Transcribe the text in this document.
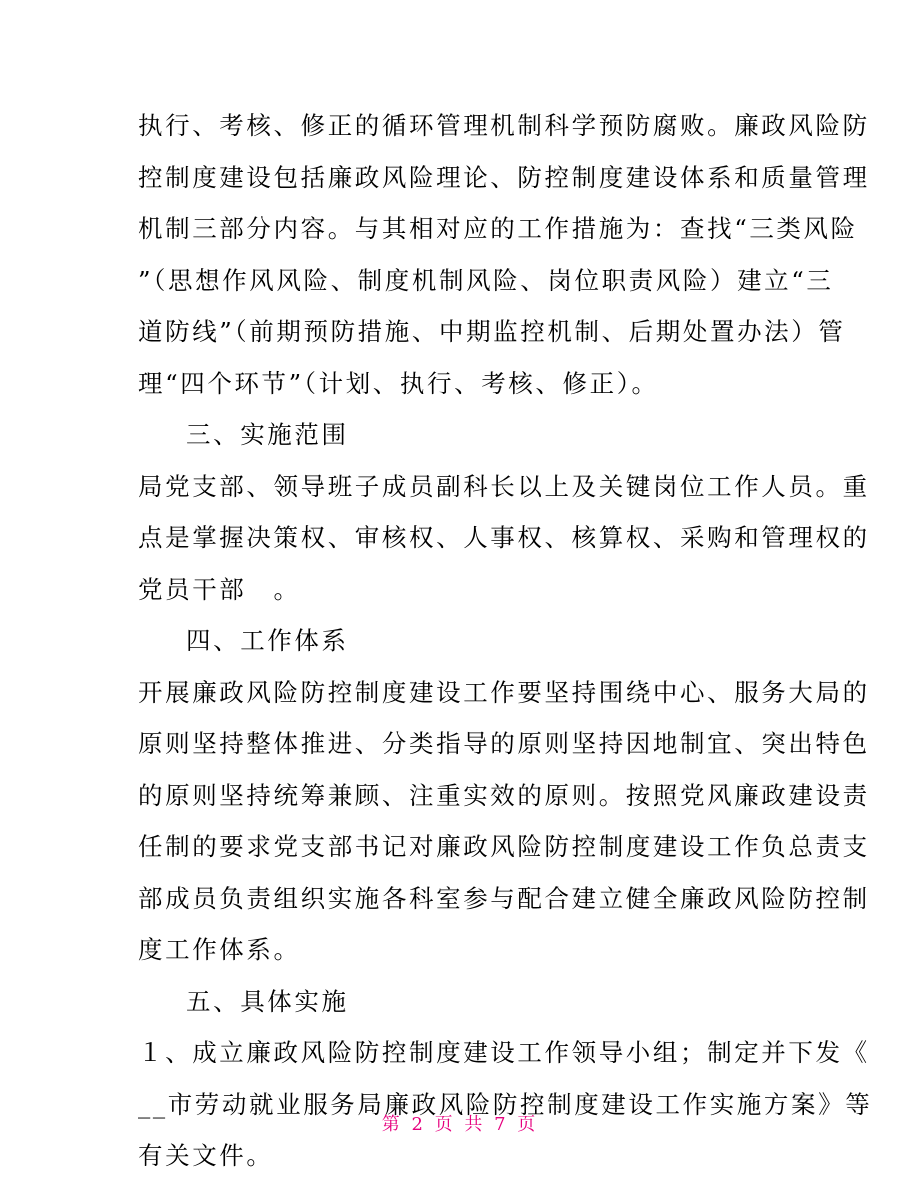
执行、考核、修正的循环管理机制科学预防腐败。廉政风险防
控制度建设包括廉政风险理论、防控制度建设体系和质量管理
机制三部分内容。与其相对应的工作措施为：查找“三类风险
”（思想作风风险、制度机制风险、岗位职责风险）建立“三
道防线”（前期预防措施、中期监控机制、后期处置办法）管
理“四个环节”（计划、执行、考核、修正）。
三、实施范围
局党支部、领导班子成员副科长以上及关键岗位工作人员。重
点是掌握决策权、审核权、人事权、核算权、采购和管理权的
党员干部　。
四、工作体系
开展廉政风险防控制度建设工作要坚持围绕中心、服务大局的
原则坚持整体推进、分类指导的原则坚持因地制宜、突出特色
的原则坚持统筹兼顾、注重实效的原则。按照党风廉政建设责
任制的要求党支部书记对廉政风险防控制度建设工作负总责支
部成员负责组织实施各科室参与配合建立健全廉政风险防控制
度工作体系。
五、具体实施
１、成立廉政风险防控制度建设工作领导小组；制定并下发《
__市劳动就业服务局廉政风险防控制度建设工作实施方案》等
有关文件。
第 2 页 共 7 页
